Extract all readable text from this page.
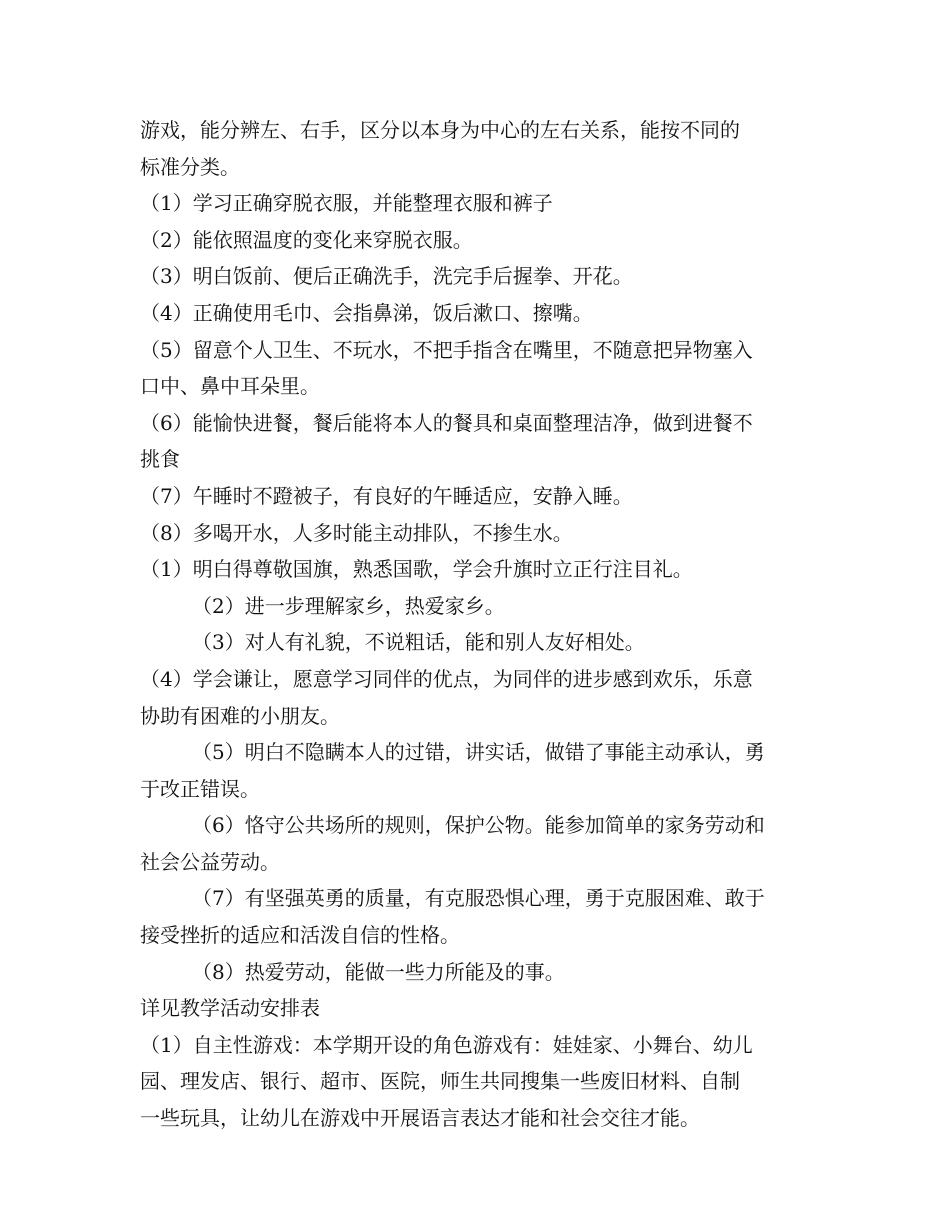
游戏，能分辨左、右手，区分以本身为中心的左右关系，能按不同的
标准分类。
（1）学习正确穿脱衣服，并能整理衣服和裤子
（2）能依照温度的变化来穿脱衣服。
（3）明白饭前、便后正确洗手，洗完手后握拳、开花。
（4）正确使用毛巾、会指鼻涕，饭后漱口、擦嘴。
（5）留意个人卫生、不玩水，不把手指含在嘴里，不随意把异物塞入
口中、鼻中耳朵里。
（6）能愉快进餐，餐后能将本人的餐具和桌面整理洁净，做到进餐不
挑食
（7）午睡时不蹬被子，有良好的午睡适应，安静入睡。
（8）多喝开水，人多时能主动排队，不掺生水。
（1）明白得尊敬国旗，熟悉国歌，学会升旗时立正行注目礼。
（2）进一步理解家乡，热爱家乡。
（3）对人有礼貌，不说粗话，能和别人友好相处。
（4）学会谦让，愿意学习同伴的优点，为同伴的进步感到欢乐，乐意
协助有困难的小朋友。
（5）明白不隐瞒本人的过错，讲实话，做错了事能主动承认，勇
于改正错误。
（6）恪守公共场所的规则，保护公物。能参加简单的家务劳动和
社会公益劳动。
（7）有坚强英勇的质量，有克服恐惧心理，勇于克服困难、敢于
接受挫折的适应和活泼自信的性格。
（8）热爱劳动，能做一些力所能及的事。
详见教学活动安排表
（1）自主性游戏：本学期开设的角色游戏有：娃娃家、小舞台、幼儿
园、理发店、银行、超市、医院，师生共同搜集一些废旧材料、自制
一些玩具，让幼儿在游戏中开展语言表达才能和社会交往才能。
